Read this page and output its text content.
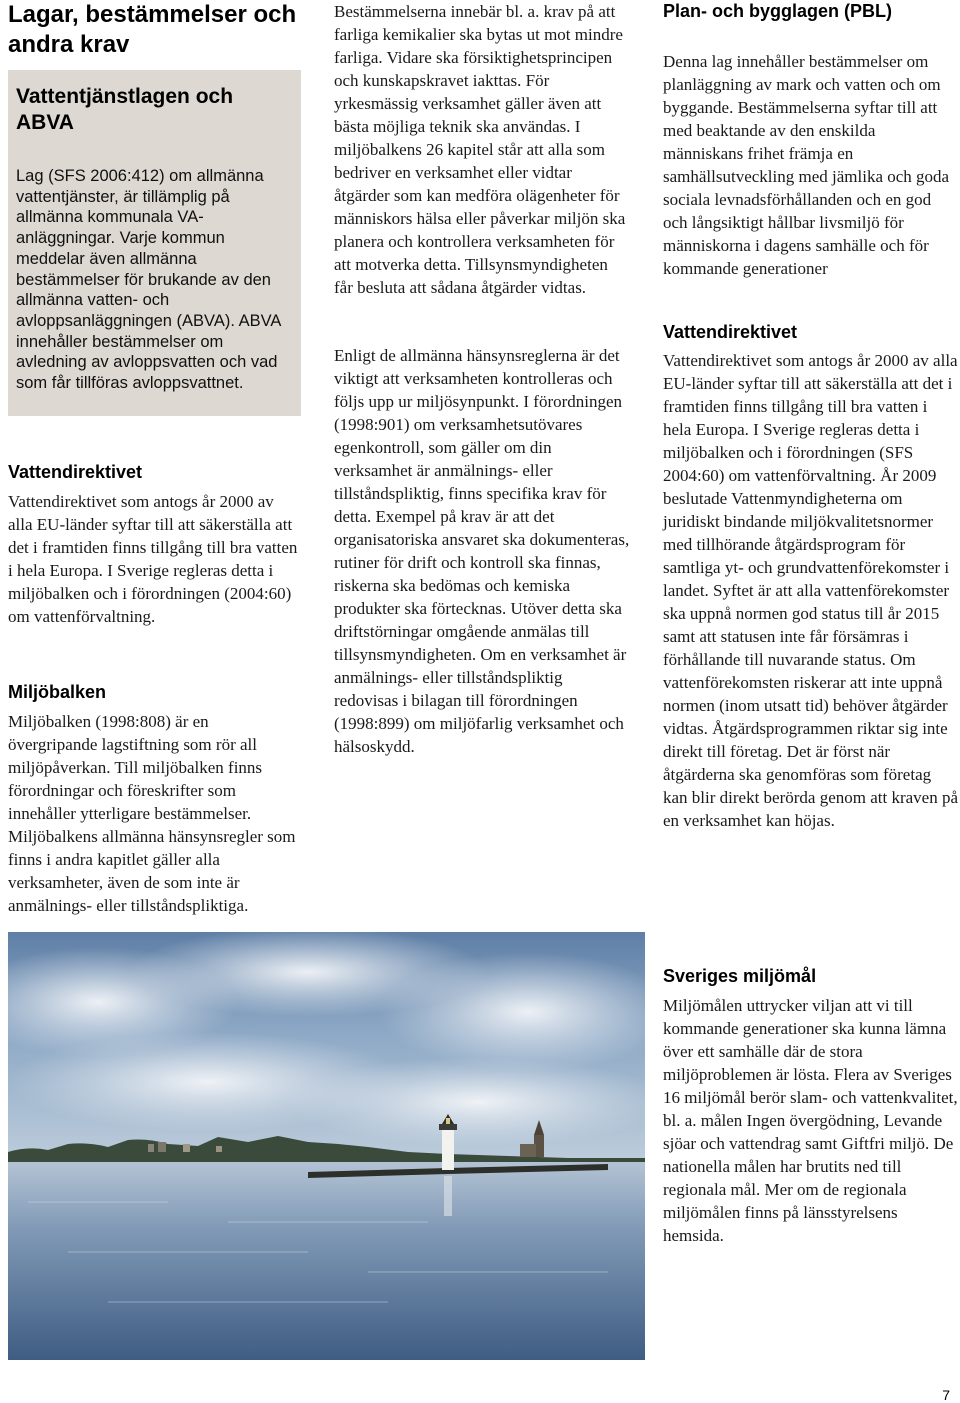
Lagar, bestämmelser och andra krav
Vattentjänstlagen och ABVA

Lag (SFS 2006:412) om allmänna vattentjänster, är tillämplig på allmänna kommunala VA-anläggningar. Varje kommun meddelar även allmänna bestämmelser för brukande av den allmänna vatten- och avloppsanläggningen (ABVA). ABVA innehåller bestämmelser om avledning av avloppsvatten och vad som får tillföras avloppsvattnet.

Vattendirektivet

Vattendirektivet som antogs år 2000 av alla EU-länder syftar till att säkerställa att det i framtiden finns tillgång till bra vatten i hela Europa. I Sverige regleras detta i miljöbalken och i förordningen (2004:60) om vattenförvaltning.

Miljöbalken

Miljöbalken (1998:808) är en övergripande lagstiftning som rör all miljöpåverkan. Till miljöbalken finns förordningar och föreskrifter som innehåller ytterligare bestämmelser. Miljöbalkens allmänna hänsynsregler som finns i andra kapitlet gäller alla verksamheter, även de som inte är anmälnings- eller tillståndspliktiga.

Bestämmelserna innebär bl. a. krav på att farliga kemikalier ska bytas ut mot mindre farliga. Vidare ska försiktighetsprincipen och kunskapskravet iakttas. För yrkesmässig verksamhet gäller även att bästa möjliga teknik ska användas. I miljöbalkens 26 kapitel står att alla som bedriver en verksamhet eller vidtar åtgärder som kan medföra olägenheter för människors hälsa eller påverkar miljön ska planera och kontrollera verksamheten för att motverka detta. Tillsynsmyndigheten får besluta att sådana åtgärder vidtas.

Enligt de allmänna hänsynsreglerna är det viktigt att verksamheten kontrolleras och följs upp ur miljösynpunkt. I förordningen (1998:901) om verksamhetsutövares egenkontroll, som gäller om din verksamhet är anmälnings- eller tillståndspliktig, finns specifika krav för detta. Exempel på krav är att det organisatoriska ansvaret ska dokumenteras, rutiner för drift och kontroll ska finnas, riskerna ska bedömas och kemiska produkter ska förtecknas. Utöver detta ska driftstörningar omgående anmälas till tillsynsmyndigheten. Om en verksamhet är anmälnings- eller tillståndspliktig redovisas i bilagan till förordningen (1998:899) om miljöfarlig verksamhet och hälsoskydd.

Plan- och bygglagen (PBL)

Denna lag innehåller bestämmelser om planläggning av mark och vatten och om byggande. Bestämmelserna syftar till att med beaktande av den enskilda människans frihet främja en samhällsutveckling med jämlika och goda sociala levnadsförhållanden och en god och långsiktigt hållbar livsmiljö för människorna i dagens samhälle och för kommande generationer

Vattendirektivet

Vattendirektivet som antogs år 2000 av alla EU-länder syftar till att säkerställa att det i framtiden finns tillgång till bra vatten i hela Europa. I Sverige regleras detta i miljöbalken och i förordningen (SFS 2004:60) om vattenförvaltning. År 2009 beslutade Vattenmyndigheterna om juridiskt bindande miljökvalitetsnormer med tillhörande åtgärdsprogram för samtliga yt- och grundvattenförekomster i landet. Syftet är att alla vattenförekomster ska uppnå normen god status till år 2015 samt att statusen inte får försämras i förhållande till nuvarande status. Om vattenförekomsten riskerar att inte uppnå normen (inom utsatt tid) behöver åtgärder vidtas. Åtgärdsprogrammen riktar sig inte direkt till företag. Det är först när åtgärderna ska genomföras som företag kan blir direkt berörda genom att kraven på en verksamhet kan höjas.

Sveriges miljömål

Miljömålen uttrycker viljan att vi till kommande generationer ska kunna lämna över ett samhälle där de stora miljöproblemen är lösta. Flera av Sveriges 16 miljömål berör slam- och vattenkvalitet, bl. a. målen Ingen övergödning, Levande sjöar och vattendrag samt Giftfri miljö. De nationella målen har brutits ned till regionala mål. Mer om de regionala miljömålen finns på länsstyrelsens hemsida.

7
